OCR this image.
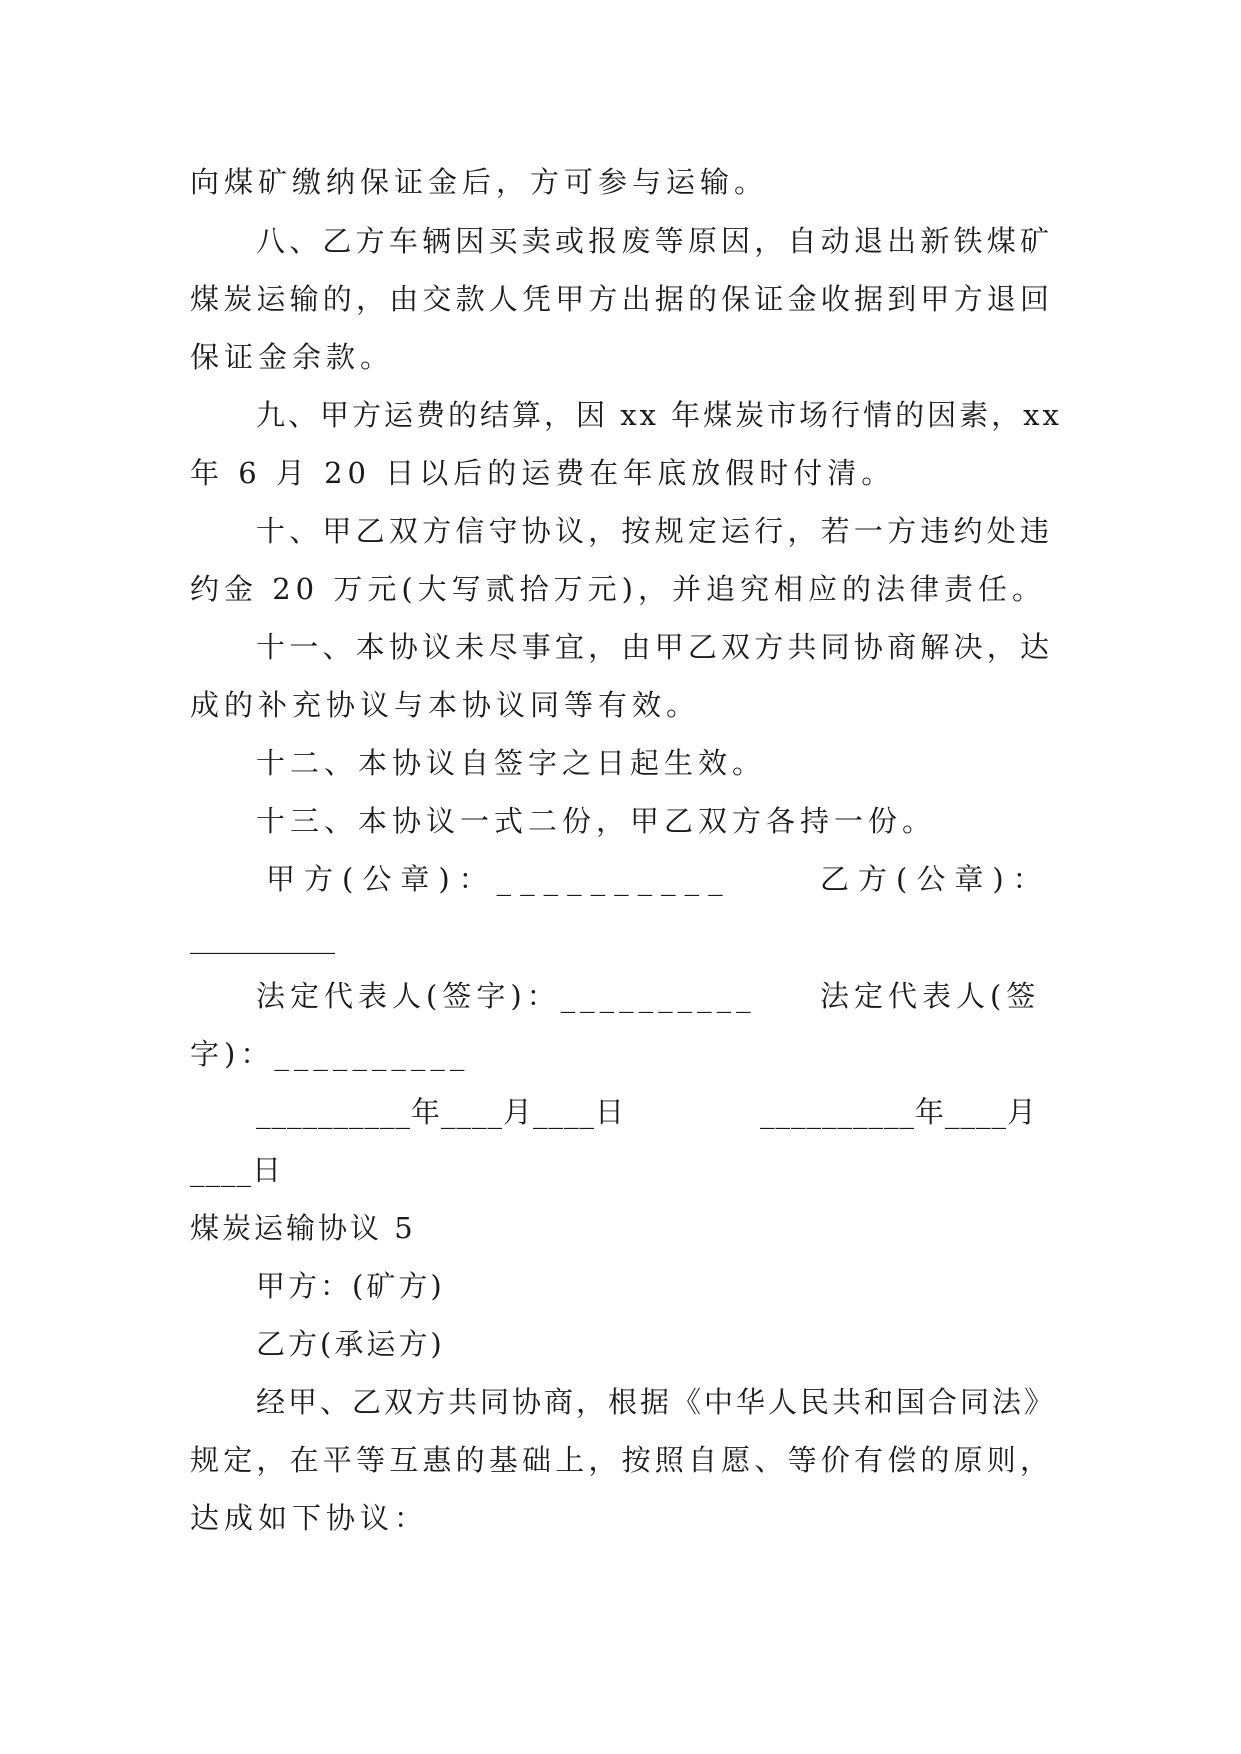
向煤矿缴纳保证金后，方可参与运输。
八、乙方车辆因买卖或报废等原因，自动退出新铁煤矿
煤炭运输的，由交款人凭甲方出据的保证金收据到甲方退回
保证金余款。
九、甲方运费的结算，因 xx 年煤炭市场行情的因素，xx
年 6 月 20 日以后的运费在年底放假时付清。
十、甲乙双方信守协议，按规定运行，若一方违约处违
约金 20 万元(大写贰拾万元)，并追究相应的法律责任。
十一、本协议未尽事宜，由甲乙双方共同协商解决，达
成的补充协议与本协议同等有效。
十二、本协议自签字之日起生效。
十三、本协议一式二份，甲乙双方各持一份。
甲方(公章)：__________	乙方(公章)：
__________
法定代表人(签字)：__________ 法定代表人(签
字)：__________
__________年____月____日	__________年____月
____日
煤炭运输协议 5
甲方：(矿方)
乙方(承运方)
经甲、乙双方共同协商，根据《中华人民共和国合同法》
规定，在平等互惠的基础上，按照自愿、等价有偿的原则，
达成如下协议：
